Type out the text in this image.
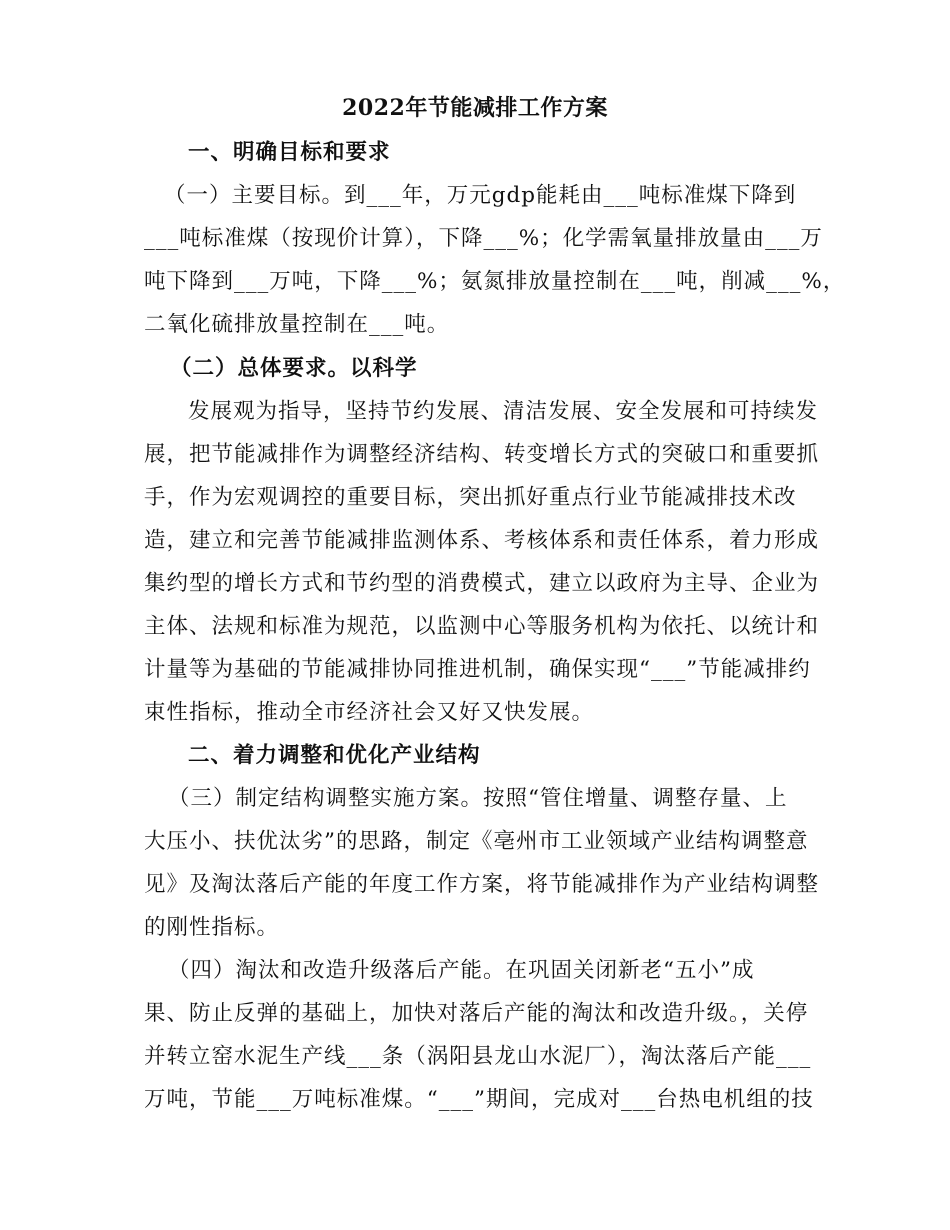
2022年节能减排工作方案
一、明确目标和要求
（一）主要目标。到___年，万元gdp能耗由___吨标准煤下降到
___吨标准煤（按现价计算），下降___%；化学需氧量排放量由___万
吨下降到___万吨，下降___%；氨氮排放量控制在___吨，削减___%，
二氧化硫排放量控制在___吨。
（二）总体要求。以科学
发展观为指导，坚持节约发展、清洁发展、安全发展和可持续发
展，把节能减排作为调整经济结构、转变增长方式的突破口和重要抓
手，作为宏观调控的重要目标，突出抓好重点行业节能减排技术改
造，建立和完善节能减排监测体系、考核体系和责任体系，着力形成
集约型的增长方式和节约型的消费模式，建立以政府为主导、企业为
主体、法规和标准为规范，以监测中心等服务机构为依托、以统计和
计量等为基础的节能减排协同推进机制，确保实现“___”节能减排约
束性指标，推动全市经济社会又好又快发展。
二、着力调整和优化产业结构
（三）制定结构调整实施方案。按照“管住增量、调整存量、上
大压小、扶优汰劣”的思路，制定《亳州市工业领域产业结构调整意
见》及淘汰落后产能的年度工作方案，将节能减排作为产业结构调整
的刚性指标。
（四）淘汰和改造升级落后产能。在巩固关闭新老“五小”成
果、防止反弹的基础上，加快对落后产能的淘汰和改造升级。，关停
并转立窑水泥生产线___条（涡阳县龙山水泥厂），淘汰落后产能___
万吨，节能___万吨标准煤。“___”期间，完成对___台热电机组的技
